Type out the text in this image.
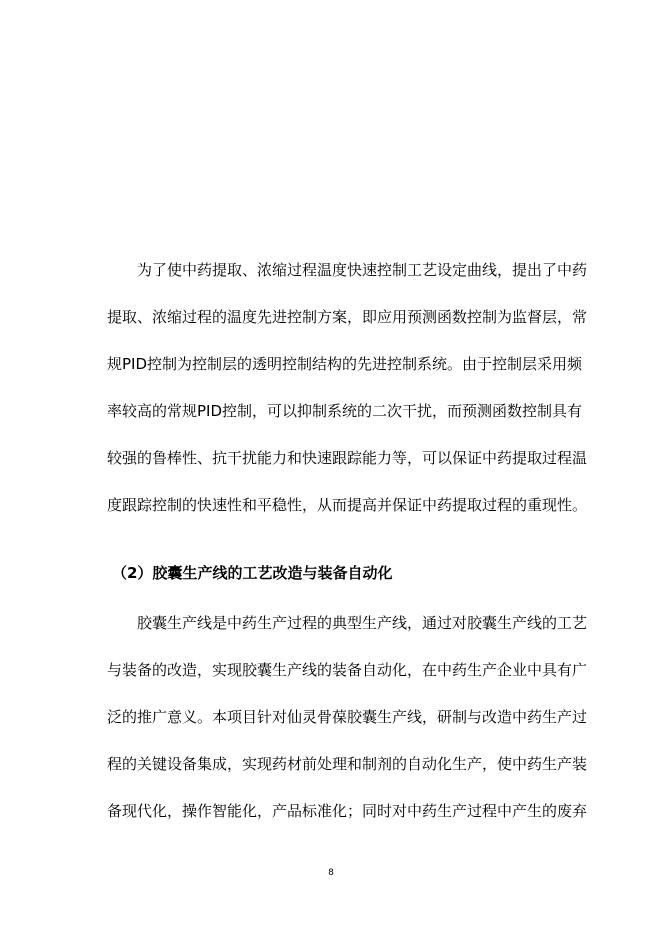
为了使中药提取、浓缩过程温度快速控制工艺设定曲线，提出了中药
提取、浓缩过程的温度先进控制方案，即应用预测函数控制为监督层，常
规PID控制为控制层的透明控制结构的先进控制系统。由于控制层采用频
率较高的常规PID控制，可以抑制系统的二次干扰，而预测函数控制具有
较强的鲁棒性、抗干扰能力和快速跟踪能力等，可以保证中药提取过程温
度跟踪控制的快速性和平稳性，从而提高并保证中药提取过程的重现性。
（2）胶囊生产线的工艺改造与装备自动化
胶囊生产线是中药生产过程的典型生产线，通过对胶囊生产线的工艺
与装备的改造，实现胶囊生产线的装备自动化，在中药生产企业中具有广
泛的推广意义。本项目针对仙灵骨葆胶囊生产线，研制与改造中药生产过
程的关键设备集成，实现药材前处理和制剂的自动化生产，使中药生产装
备现代化，操作智能化，产品标准化；同时对中药生产过程中产生的废弃
8
